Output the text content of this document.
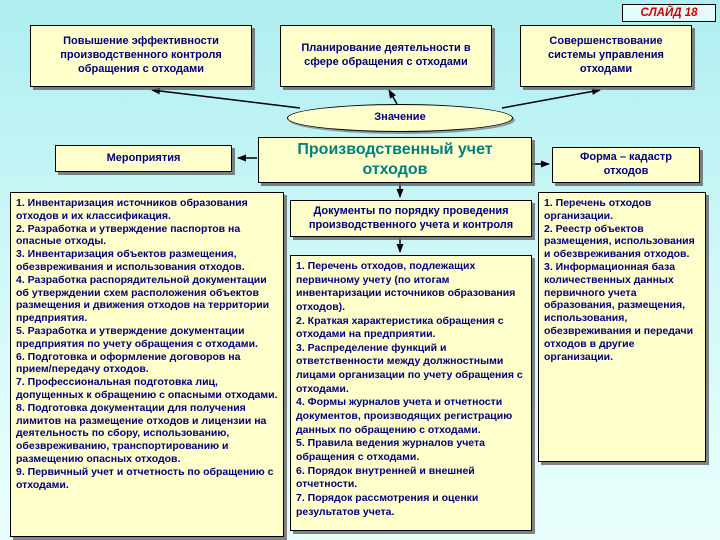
СЛАЙД 18
Повышение эффективности производственного контроля обращения с отходами
Планирование деятельности в сфере обращения с отходами
Совершенствование системы управления отходами
Значение
Мероприятия	Производственный учет отходов
Форма – кадастр отходов
Документы по порядку проведения производственного учета и контроля
1. Инвентаризация источников образования отходов и их классификация.
2. Разработка и утверждение паспортов на опасные отходы.
3. Инвентаризация объектов размещения, обезвреживания и использования отходов.
4. Разработка распорядительной документации об утверждении схем расположения объектов размещения и движения отходов на территории предприятия.
5. Разработка и утверждение документации предприятия по учету обращения с отходами.
6. Подготовка и оформление договоров на прием/передачу отходов.
7. Профессиональная подготовка лиц, допущенных к обращению с опасными отходами.
8. Подготовка документации для получения лимитов на размещение отходов и лицензии на деятельность по сбору, использованию, обезвреживанию, транспортированию и размещению опасных отходов.
9. Первичный учет и отчетность по обращению с отходами.
1. Перечень отходов, подлежащих первичному учету (по итогам инвентаризации источников образования отходов).
2. Краткая характеристика обращения с отходами на предприятии.
3. Распределение функций и ответственности между должностными лицами организации по учету обращения с отходами.
4. Формы журналов учета и отчетности документов, производящих регистрацию данных по обращению с отходами.
5. Правила ведения журналов учета обращения с отходами.
6. Порядок внутренней и внешней отчетности.
7. Порядок рассмотрения и оценки результатов учета.
1. Перечень отходов организации.
2. Реестр объектов размещения, использования и обезвреживания отходов.
3. Информационная база количественных данных первичного учета образования, размещения, использования, обезвреживания и передачи отходов в другие организации.
